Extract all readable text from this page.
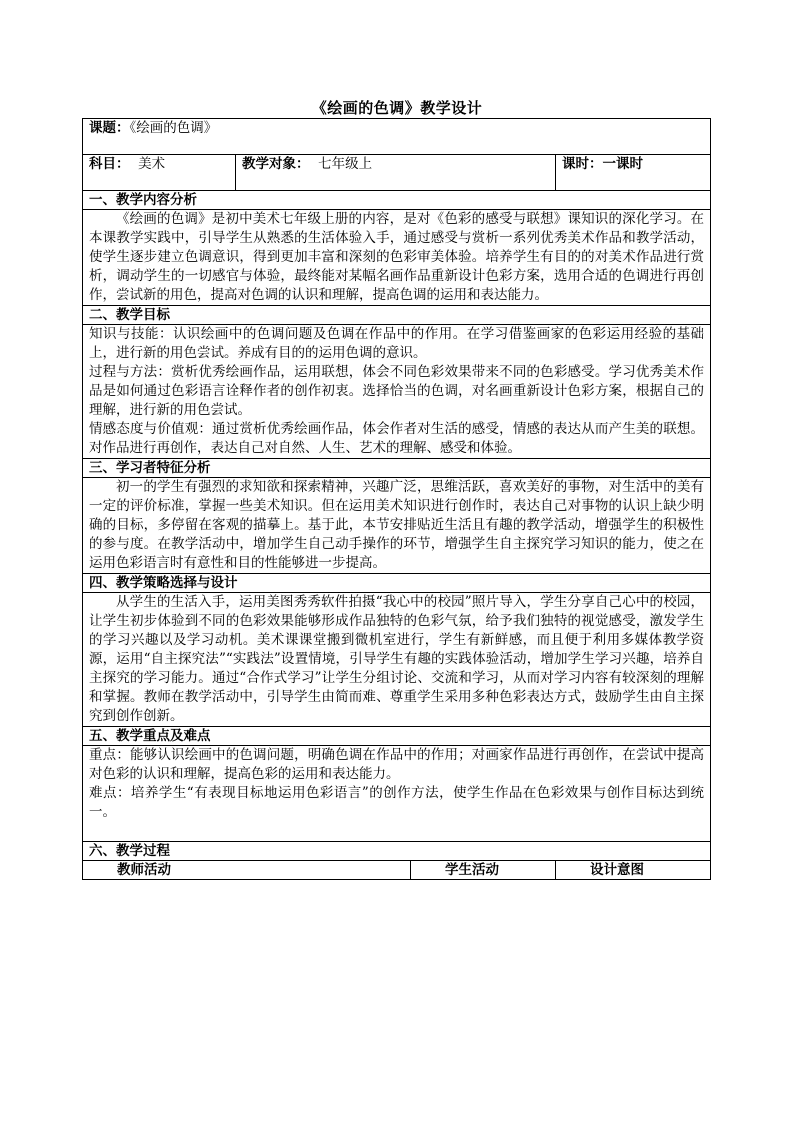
《绘画的色调》教学设计
课题：《绘画的色调》			
科目： 美术	教学对象： 七年级上		课时：一课时
一、教学内容分析			

《绘画的色调》是初中美术七年级上册的内容，是对《色彩的感受与联想》课知识的深化学习。在本课教学实践中，引导学生从熟悉的生活体验入手，通过感受与赏析一系列优秀美术作品和教学活动，使学生逐步建立色调意识，得到更加丰富和深刻的色彩审美体验。培养学生有目的的对美术作品进行赏析，调动学生的一切感官与体验，最终能对某幅名画作品重新设计色彩方案，选用合适的色调进行再创作，尝试新的用色，提高对色调的认识和理解，提高色调的运用和表达能力。			

二、教学目标			

知识与技能：认识绘画中的色调问题及色调在作品中的作用。在学习借鉴画家的色彩运用经验的基础上，进行新的用色尝试。养成有目的的运用色调的意识。

过程与方法：赏析优秀绘画作品，运用联想，体会不同色彩效果带来不同的色彩感受。学习优秀美术作品是如何通过色彩语言诠释作者的创作初衷。选择恰当的色调，对名画重新设计色彩方案，根据自己的理解，进行新的用色尝试。

情感态度与价值观：通过赏析优秀绘画作品，体会作者对生活的感受，情感的表达从而产生美的联想。对作品进行再创作，表达自己对自然、人生、艺术的理解、感受和体验。			

三、学习者特征分析			

初一的学生有强烈的求知欲和探索精神，兴趣广泛，思维活跃，喜欢美好的事物，对生活中的美有一定的评价标准，掌握一些美术知识。但在运用美术知识进行创作时，表达自己对事物的认识上缺少明确的目标，多停留在客观的描摹上。基于此，本节安排贴近生活且有趣的教学活动，增强学生的积极性的参与度。在教学活动中，增加学生自己动手操作的环节，增强学生自主探究学习知识的能力，使之在运用色彩语言时有意性和目的性能够进一步提高。			

四、教学策略选择与设计			

从学生的生活入手，运用美图秀秀软件拍摄“我心中的校园”照片导入，学生分享自己心中的校园，让学生初步体验到不同的色彩效果能够形成作品独特的色彩气氛，给予我们独特的视觉感受，激发学生的学习兴趣以及学习动机。美术课课堂搬到微机室进行，学生有新鲜感，而且便于利用多媒体教学资源，运用“自主探究法”“实践法”设置情境，引导学生有趣的实践体验活动，增加学生学习兴趣，培养自主探究的学习能力。通过“合作式学习”让学生分组讨论、交流和学习，从而对学习内容有较深刻的理解和掌握。教师在教学活动中，引导学生由简而难、尊重学生采用多种色彩表达方式，鼓励学生由自主探究到创作创新。			

五、教学重点及难点			

重点：能够认识绘画中的色调问题，明确色调在作品中的作用；对画家作品进行再创作，在尝试中提高对色彩的认识和理解，提高色彩的运用和表达能力。

难点：培养学生“有表现目标地运用色彩语言”的创作方法，使学生作品在色彩效果与创作目标达到统一。			

六、教学过程			
教师活动		学生活动	设计意图
